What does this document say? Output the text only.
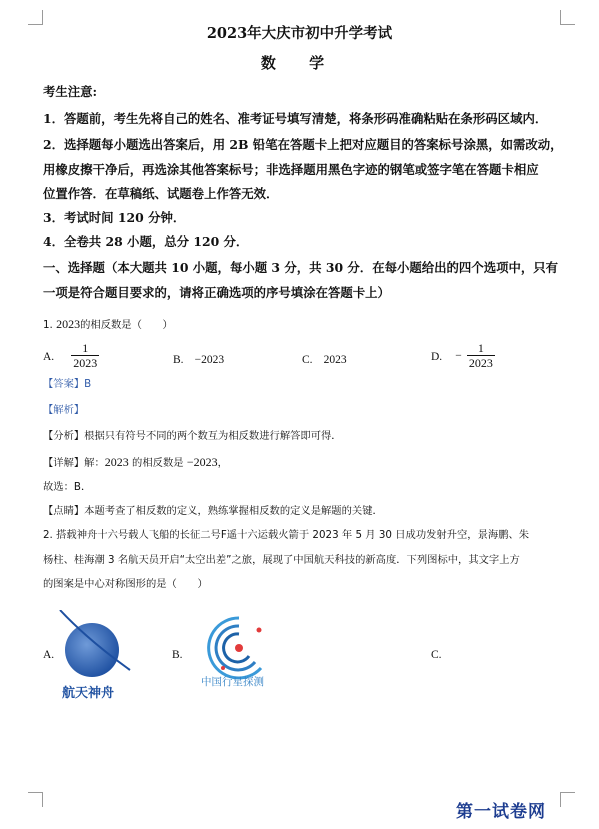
2023年大庆市初中升学考试
数 学
考生注意:
1．答题前，考生先将自己的姓名、准考证号填写清楚，将条形码准确粘贴在条形码区域内．
2．选择题每小题选出答案后，用 2B 铅笔在答题卡上把对应题目的答案标号涂黑，如需改动，
用橡皮擦干净后，再选涂其他答案标号；非选择题用黑色字迹的钢笔或签字笔在答题卡相应
位置作答．在草稿纸、试题卷上作答无效．
3．考试时间 120 分钟．
4．全卷共 28 小题，总分 120 分．
一、选择题（本大题共 10 小题，每小题 3 分，共 30 分．在每小题给出的四个选项中，只有
一项是符合题目要求的，请将正确选项的序号填涂在答题卡上）
1. 2023的相反数是（　　）
A. $\frac{1}{2023}$	B. −2023	C. 2023	D. − $\frac{1}{2023}$
【答案】B
【解析】
【分析】根据只有符号不同的两个数互为相反数进行解答即可得．
【详解】解：2023 的相反数是 −2023，
故选：B．
【点睛】本题考查了相反数的定义，熟练掌握相反数的定义是解题的关键．
2. 搭载神舟十六号载人飞船的长征二号F遥十六运载火箭于 2023 年 5 月 30 日成功发射升空，景海鹏、朱
杨柱、桂海潮 3 名航天员开启“太空出差”之旅，展现了中国航天科技的新高度．下列图标中，其文字上方
的图案是中心对称图形的是（　　）
A.
航天神舟
B.
中国行星探测
C.
第一试卷网
